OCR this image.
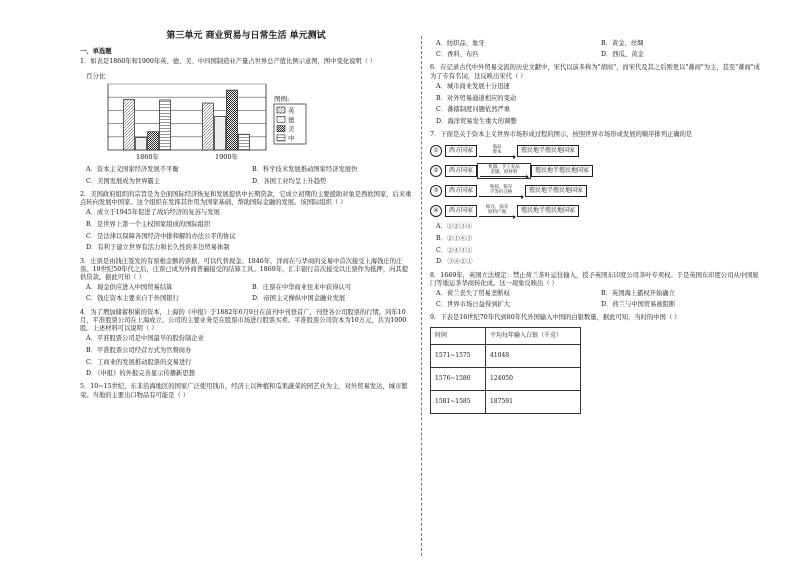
第三单元 商业贸易与日常生活 单元测试
一、单选题
1．如表是1860年和1900年英、德、美、中四国制造业产量占世界总产值比例示意图，图中变化说明（ ）
百分比
1860年	1900年
图例:
英
德
美
中
A．资本主义国家经济发展不平衡	B．科学技术发展推动国家经济发展快
C．美国发展成为世界霸主	D．各国工业均呈上升趋势
2．美国政府组织的宗旨是为全面国际经济恢复和发展提供中长期贷款，它成立初期的主要援助对象是西欧国家，后来重点转向发展中国家。这个组织在发挥其作用为国家基础，帮助国际金融的发展。该国际组织（ ）
A．成立于1945年促进了战后经济的复苏与发展
B．是世界上第一个主权国家组成的国际组织
C．是法律以保障各国经济中排和解的办法公平的协议
D．有利于建立世界有活力和长久性的多边贸易体制
3．庄票是由钱庄签发的有票根金额的票据，可以代替现金。1846年，洋商在与华商的交易中首次接受上海钱庄的庄票。19世纪50年代之后，庄票已成为外商普遍接受的结算工具。1869年，汇丰银行首次接受以庄票作为抵押，向其提供贷款。据此可知（ ）
A．现金供应进入中国贸易结算	B．庄票在中华商业往来中获得认可
C．钱庄资本主要来自于外国银行	D．帝国主义操纵中国金融业发展
4．为了増加储蓄积累的资本，上海的《申报》于1882年6月9日在前刊中刊登首广，刊登各公司股票的行情。同年10月，平准股票公司在上海成立。公司的主要业务是在股票市场进行股票买卖。平准股票公司资本为10万元，共为1000股。上述材料可以说明（ ）
A．平准股票公司是中国最早的股份制企业
B．平准股票公司经营方式为官督商办
C．工商业的发展推动股票的交易进行
D．《申报》的外报完善显示传播新思想
5．10~15世纪，东非沿海地区的国家广泛使用钱币，经济上以种植和瓜果蔬菜的园艺业为主，对外贸易发达，城市繁荣。当地的主要出口物品有可能是（ ）
A．纺织品、象牙	B．黄金、丝绸
C．香料、布匹	D．西瓜、黄金
6．在记录古代中外贸易交流的历史文献中，宋代以前多称为"胡商"，而宋代及其之后则更以"蕃商"为主，甚至"蕃商"成为了专有名词，这反映出宋代（ ）
A．城市商业发展十分迅速
B．对外贸易通道相应的变动
C．蕃辖制度问题依然严重
D．海洋贸易发生重大的调整
7．下面是关于资本主义世界市场形成过程的图示，按照世界市场形成发展的顺序排列正确的是
①	西方国家	商品
资本	殖民地半殖民地国家
②	西方国家	机器、手工业品
金银、原材料	殖民地半殖民地国家
③	西方国家	殖掠、掠夺
不等价交换	殖民地半殖民地国家
④	西方国家	掠夺、掠夺
原料产地	殖民地半殖民地国家
A．①②③④
B．②①④③
C．②④③①
D．③④②①
8．1669年，英国立法规定：禁止荷兰茶叶运往输入，授予英国东印度公司茶叶专卖权。于是英国东印度公司从中国厦门等地运茶华商转化成。这一现象反映出（ ）
A．荷兰丧失了贸易垄断权	B．英国海上霸权开始确立
C．世界市场日益得到扩大	D．荷兰与中国贸易被阻断
9．下表是16世纪70年代到80年代外国输入中国的白银数量，据此可知，当时的中国（ ）
时间	平均每年输入白银（千克）
1571~1575	41048
1576~1580	124050
1581~1585	187591
